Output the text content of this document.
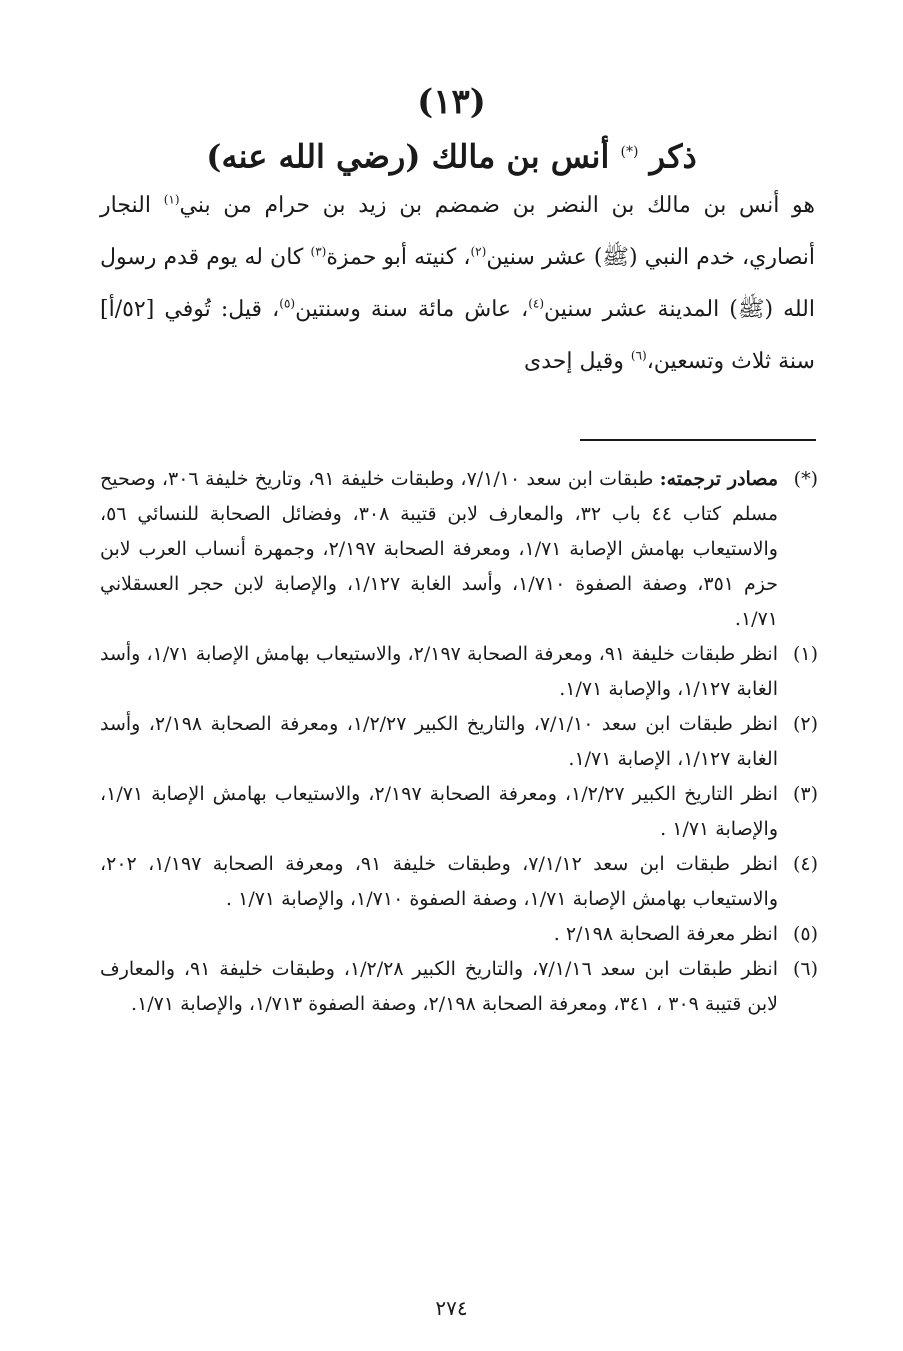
(١٣)
ذكر (*) أنس بن مالك (رضي الله عنه)

هو أنس بن مالك بن النضر بن ضمضم بن زيد بن حرام من بني$^{(١)}$ النجار أنصاري، خدم النبي (ﷺ) عشر سنين$^{(٢)}$، كنيته أبو حمزة$^{(٣)}$ كان له يوم قدم رسول الله (ﷺ) المدينة عشر سنين$^{(٤)}$، عاش مائة سنة وسنتين$^{(٥)}$، قيل: تُوفي [٥٢/أ] سنة ثلاث وتسعين،$^{(٦)}$ وقيل إحدى

(*)
مصادر ترجمته: طبقات ابن سعد ٧/١/١٠، وطبقات خليفة ٩١، وتاريخ خليفة ٣٠٦، وصحيح مسلم كتاب ٤٤ باب ٣٢، والمعارف لابن قتيبة ٣٠٨، وفضائل الصحابة للنسائي ٥٦، والاستيعاب بهامش الإصابة ١/٧١، ومعرفة الصحابة ٢/١٩٧، وجمهرة أنساب العرب لابن حزم ٣٥١، وصفة الصفوة ١/٧١٠، وأسد الغابة ١/١٢٧، والإصابة لابن حجر العسقلاني ١/٧١.
(١)
انظر طبقات خليفة ٩١، ومعرفة الصحابة ٢/١٩٧، والاستيعاب بهامش الإصابة ١/٧١، وأسد الغابة ١/١٢٧، والإصابة ١/٧١.
(٢)
انظر طبقات ابن سعد ٧/١/١٠، والتاريخ الكبير ١/٢/٢٧، ومعرفة الصحابة ٢/١٩٨، وأسد الغابة ١/١٢٧، الإصابة ١/٧١.
(٣)
انظر التاريخ الكبير ١/٢/٢٧، ومعرفة الصحابة ٢/١٩٧، والاستيعاب بهامش الإصابة ١/٧١، والإصابة ١/٧١ .
(٤)
انظر طبقات ابن سعد ٧/١/١٢، وطبقات خليفة ٩١، ومعرفة الصحابة ١/١٩٧، ٢٠٢، والاستيعاب بهامش الإصابة ١/٧١، وصفة الصفوة ١/٧١٠، والإصابة ١/٧١ .
(٥)
انظر معرفة الصحابة ٢/١٩٨ .
(٦)
انظر طبقات ابن سعد ٧/١/١٦، والتاريخ الكبير ١/٢/٢٨، وطبقات خليفة ٩١، والمعارف لابن قتيبة ٣٠٩ ، ٣٤١، ومعرفة الصحابة ٢/١٩٨، وصفة الصفوة ١/٧١٣، والإصابة ١/٧١.
٢٧٤
